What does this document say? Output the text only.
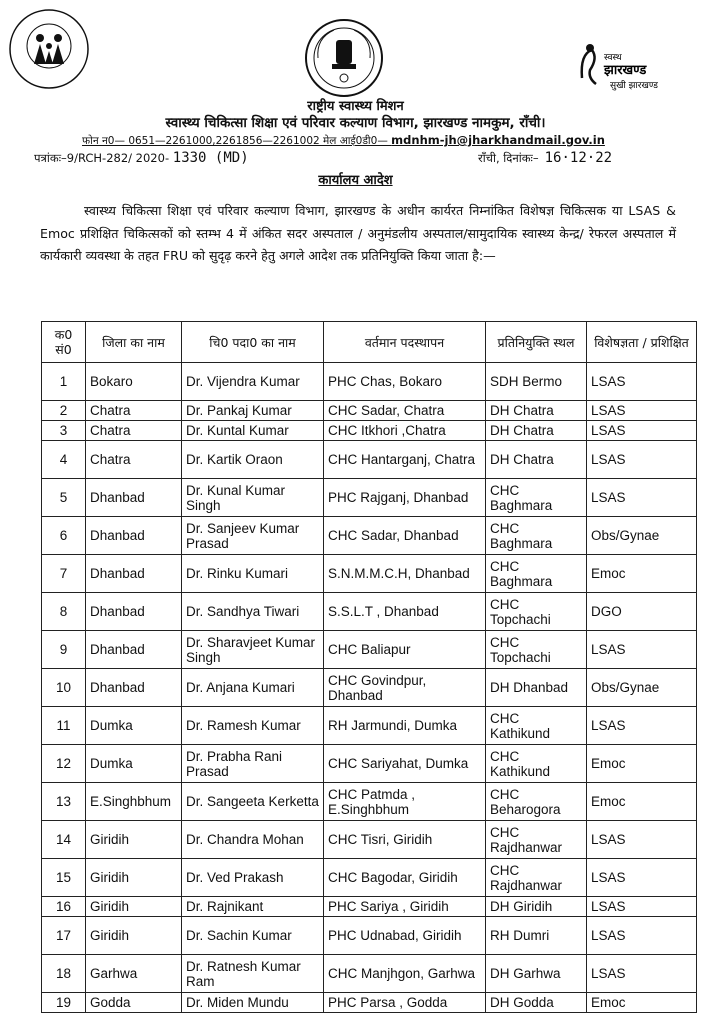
स्वस्थ
झारखण्ड
सुखी झारखण्ड
राष्ट्रीय स्वास्थ्य मिशन
स्वास्थ्य चिकित्सा शिक्षा एवं परिवार कल्याण विभाग, झारखण्ड नामकुम, राँची।
फोन न0— 0651—2261000,2261856—2261002 मेल आई0डी0— mdnhm-jh@jharkhandmail.gov.in
पत्रांकः–9/RCH-282/ 2020- 1330 (MD)	राँची, दिनांकः– 16·12·22
कार्यालय आदेश
स्वास्थ्य चिकित्सा शिक्षा एवं परिवार कल्याण विभाग, झारखण्ड के अधीन कार्यरत निम्नांकित विशेषज्ञ चिकित्सक या LSAS & Emoc प्रशिक्षित चिकित्सकों को स्तम्भ 4 में अंकित सदर अस्पताल / अनुमंडलीय अस्पताल/सामुदायिक स्वास्थ्य केन्द्र/ रेफरल अस्पताल में कार्यकारी व्यवस्था के तहत FRU को सुदृढ़ करने हेतु अगले आदेश तक प्रतिनियुक्ति किया जाता है:—
क0 सं0	जिला का नाम	चि0 पदा0 का नाम	वर्तमान पदस्थापन	प्रतिनियुक्ति स्थल	विशेषज्ञता / प्रशिक्षित
1	Bokaro	Dr. Vijendra Kumar	PHC Chas, Bokaro	SDH Bermo	LSAS
2	Chatra	Dr. Pankaj Kumar	CHC Sadar, Chatra	DH Chatra	LSAS
3	Chatra	Dr. Kuntal Kumar	CHC Itkhori ,Chatra	DH Chatra	LSAS
4	Chatra	Dr. Kartik Oraon	CHC Hantarganj, Chatra	DH Chatra	LSAS
5	Dhanbad	Dr. Kunal Kumar Singh	PHC Rajganj, Dhanbad	CHC Baghmara	LSAS
6	Dhanbad	Dr. Sanjeev Kumar Prasad	CHC Sadar, Dhanbad	CHC Baghmara	Obs/Gynae
7	Dhanbad	Dr. Rinku Kumari	S.N.M.M.C.H, Dhanbad	CHC Baghmara	Emoc
8	Dhanbad	Dr. Sandhya Tiwari	S.S.L.T , Dhanbad	CHC Topchachi	DGO
9	Dhanbad	Dr. Sharavjeet Kumar Singh	CHC Baliapur	CHC Topchachi	LSAS
10	Dhanbad	Dr. Anjana Kumari	CHC Govindpur, Dhanbad	DH Dhanbad	Obs/Gynae
11	Dumka	Dr. Ramesh Kumar	RH Jarmundi, Dumka	CHC Kathikund	LSAS
12	Dumka	Dr. Prabha Rani Prasad	CHC Sariyahat, Dumka	CHC Kathikund	Emoc
13	E.Singhbhum	Dr. Sangeeta Kerketta	CHC Patmda , E.Singhbhum	CHC Beharogora	Emoc
14	Giridih	Dr. Chandra Mohan	CHC Tisri, Giridih	CHC Rajdhanwar	LSAS
15	Giridih	Dr. Ved Prakash	CHC Bagodar, Giridih	CHC Rajdhanwar	LSAS
16	Giridih	Dr. Rajnikant	PHC Sariya , Giridih	DH Giridih	LSAS
17	Giridih	Dr. Sachin Kumar	PHC Udnabad, Giridih	RH Dumri	LSAS
18	Garhwa	Dr. Ratnesh Kumar Ram	CHC Manjhgon, Garhwa	DH Garhwa	LSAS
19	Godda	Dr. Miden Mundu	PHC Parsa , Godda	DH Godda	Emoc
